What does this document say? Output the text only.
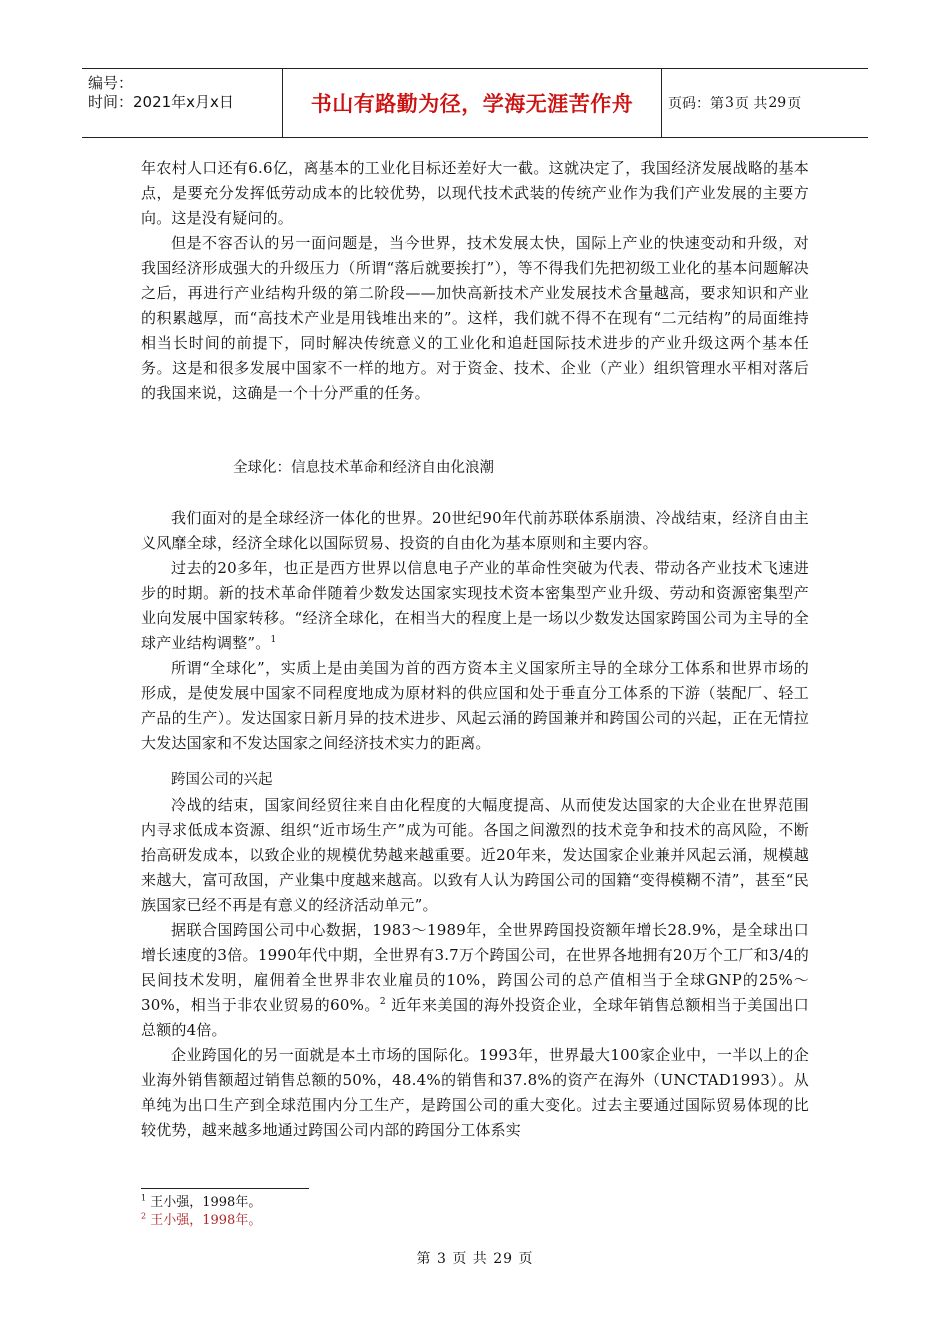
编号：
时间：2021年x月x日	书山有路勤为径，学海无涯苦作舟	页码：第 3 页 共 29 页

年农村人口还有6.6亿，离基本的工业化目标还差好大一截。这就决定了，我国经济发展战略的基本点，是要充分发挥低劳动成本的比较优势，以现代技术武装的传统产业作为我们产业发展的主要方向。这是没有疑问的。

但是不容否认的另一面问题是，当今世界，技术发展太快，国际上产业的快速变动和升级，对我国经济形成强大的升级压力（所谓“落后就要挨打”），等不得我们先把初级工业化的基本问题解决之后，再进行产业结构升级的第二阶段——加快高新技术产业发展技术含量越高，要求知识和产业的积累越厚，而“高技术产业是用钱堆出来的”。这样，我们就不得不在现有“二元结构”的局面维持相当长时间的前提下，同时解决传统意义的工业化和追赶国际技术进步的产业升级这两个基本任务。这是和很多发展中国家不一样的地方。对于资金、技术、企业（产业）组织管理水平相对落后的我国来说，这确是一个十分严重的任务。

全球化：信息技术革命和经济自由化浪潮

我们面对的是全球经济一体化的世界。20世纪90年代前苏联体系崩溃、冷战结束，经济自由主义风靡全球，经济全球化以国际贸易、投资的自由化为基本原则和主要内容。

过去的20多年，也正是西方世界以信息电子产业的革命性突破为代表、带动各产业技术飞速进步的时期。新的技术革命伴随着少数发达国家实现技术资本密集型产业升级、劳动和资源密集型产业向发展中国家转移。“经济全球化，在相当大的程度上是一场以少数发达国家跨国公司为主导的全球产业结构调整”。$^1$

所谓“全球化”，实质上是由美国为首的西方资本主义国家所主导的全球分工体系和世界市场的形成，是使发展中国家不同程度地成为原材料的供应国和处于垂直分工体系的下游（装配厂、轻工产品的生产）。发达国家日新月异的技术进步、风起云涌的跨国兼并和跨国公司的兴起，正在无情拉大发达国家和不发达国家之间经济技术实力的距离。

跨国公司的兴起

冷战的结束，国家间经贸往来自由化程度的大幅度提高、从而使发达国家的大企业在世界范围内寻求低成本资源、组织“近市场生产”成为可能。各国之间激烈的技术竞争和技术的高风险，不断抬高研发成本，以致企业的规模优势越来越重要。近20年来，发达国家企业兼并风起云涌，规模越来越大，富可敌国，产业集中度越来越高。以致有人认为跨国公司的国籍“变得模糊不清”，甚至“民族国家已经不再是有意义的经济活动单元”。

据联合国跨国公司中心数据，1983～1989年，全世界跨国投资额年增长28.9%，是全球出口增长速度的3倍。1990年代中期，全世界有3.7万个跨国公司，在世界各地拥有20万个工厂和3/4的民间技术发明，雇佣着全世界非农业雇员的10%，跨国公司的总产值相当于全球GNP的25%～30%，相当于非农业贸易的60%。$^2$ 近年来美国的海外投资企业，全球年销售总额相当于美国出口总额的4倍。

企业跨国化的另一面就是本土市场的国际化。1993年，世界最大100家企业中，一半以上的企业海外销售额超过销售总额的50%，48.4%的销售和37.8%的资产在海外（UNCTAD1993）。从单纯为出口生产到全球范围内分工生产，是跨国公司的重大变化。过去主要通过国际贸易体现的比较优势，越来越多地通过跨国公司内部的跨国分工体系实

$^1$ 王小强，1998年。
$^2$ 王小强，1998年。
第 3 页 共 29 页
